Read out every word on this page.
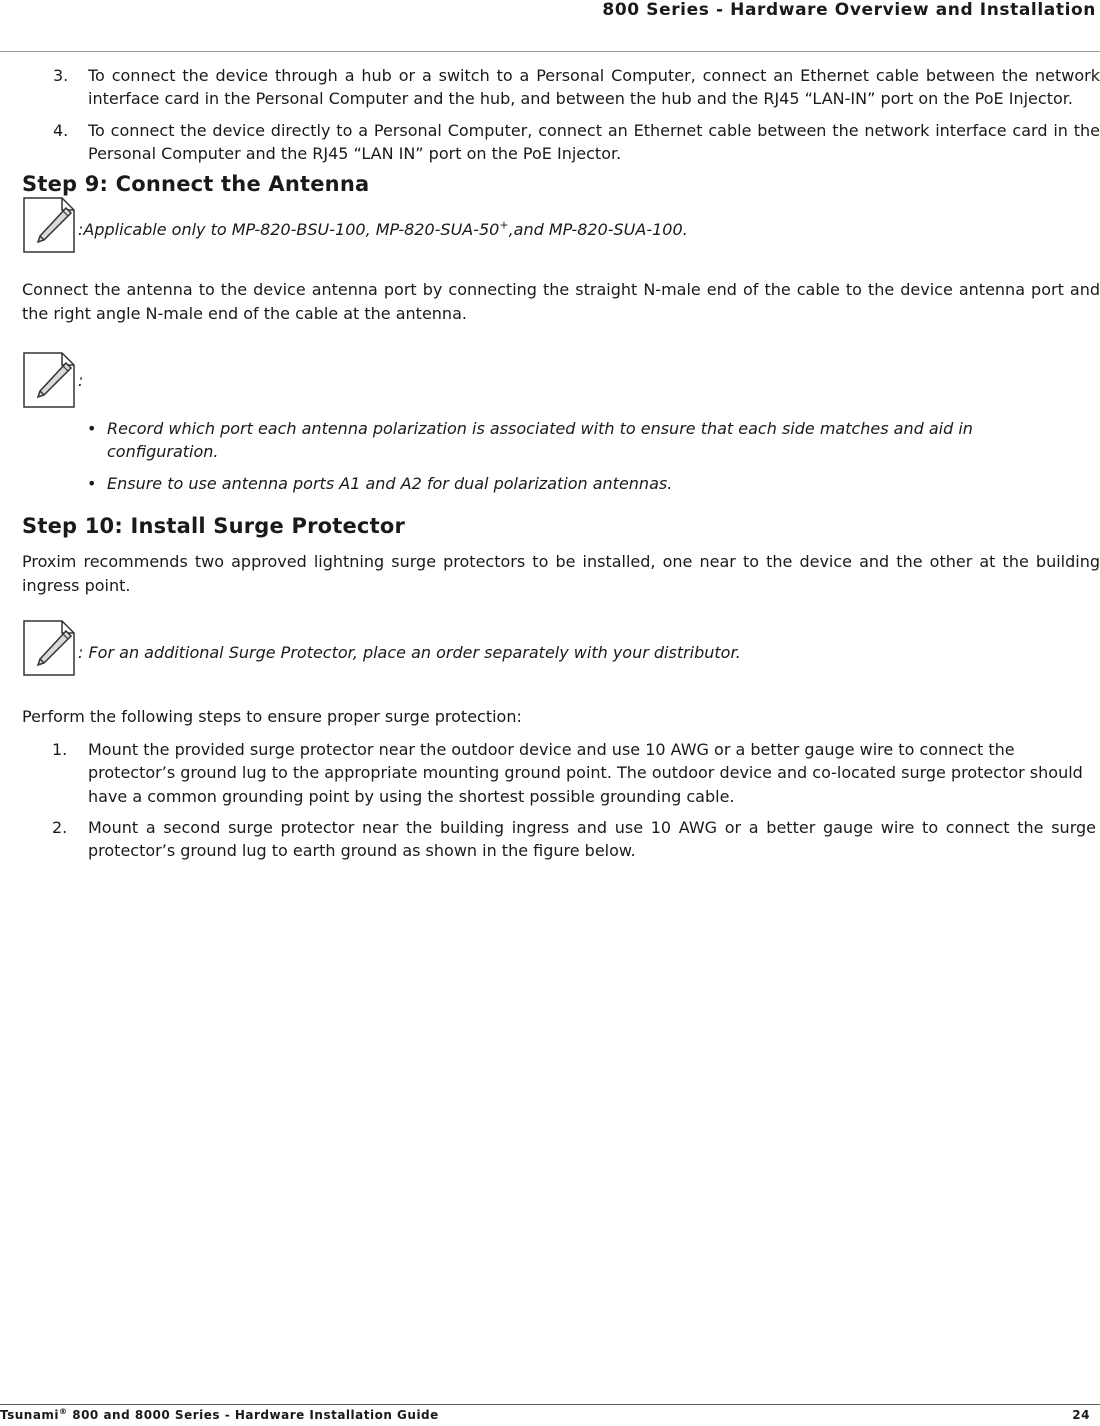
800 Series - Hardware Overview and Installation
3.	To connect the device through a hub or a switch to a Personal Computer, connect an Ethernet cable between the network interface card in the Personal Computer and the hub, and between the hub and the RJ45 “LAN-IN” port on the PoE Injector.
4.	To connect the device directly to a Personal Computer, connect an Ethernet cable between the network interface card in the Personal Computer and the RJ45 “LAN IN” port on the PoE Injector.
Step 9: Connect the Antenna
:Applicable only to MP-820-BSU-100, MP-820-SUA-50+,and MP-820-SUA-100.

Connect the antenna to the device antenna port by connecting the straight N-male end of the cable to the device antenna port and the right angle N-male end of the cable at the antenna.

:
• Record which port each antenna polarization is associated with to ensure that each side matches and aid in configuration.
• Ensure to use antenna ports A1 and A2 for dual polarization antennas.
Step 10: Install Surge Protector

Proxim recommends two approved lightning surge protectors to be installed, one near to the device and the other at the building ingress point.

: For an additional Surge Protector, place an order separately with your distributor.

Perform the following steps to ensure proper surge protection:

1.	Mount the provided surge protector near the outdoor device and use 10 AWG or a better gauge wire to connect the protector’s ground lug to the appropriate mounting ground point. The outdoor device and co-located surge protector should have a common grounding point by using the shortest possible grounding cable.
2.	Mount a second surge protector near the building ingress and use 10 AWG or a better gauge wire to connect the surge protector’s ground lug to earth ground as shown in the figure below.
Tsunami® 800 and 8000 Series - Hardware Installation Guide	24
